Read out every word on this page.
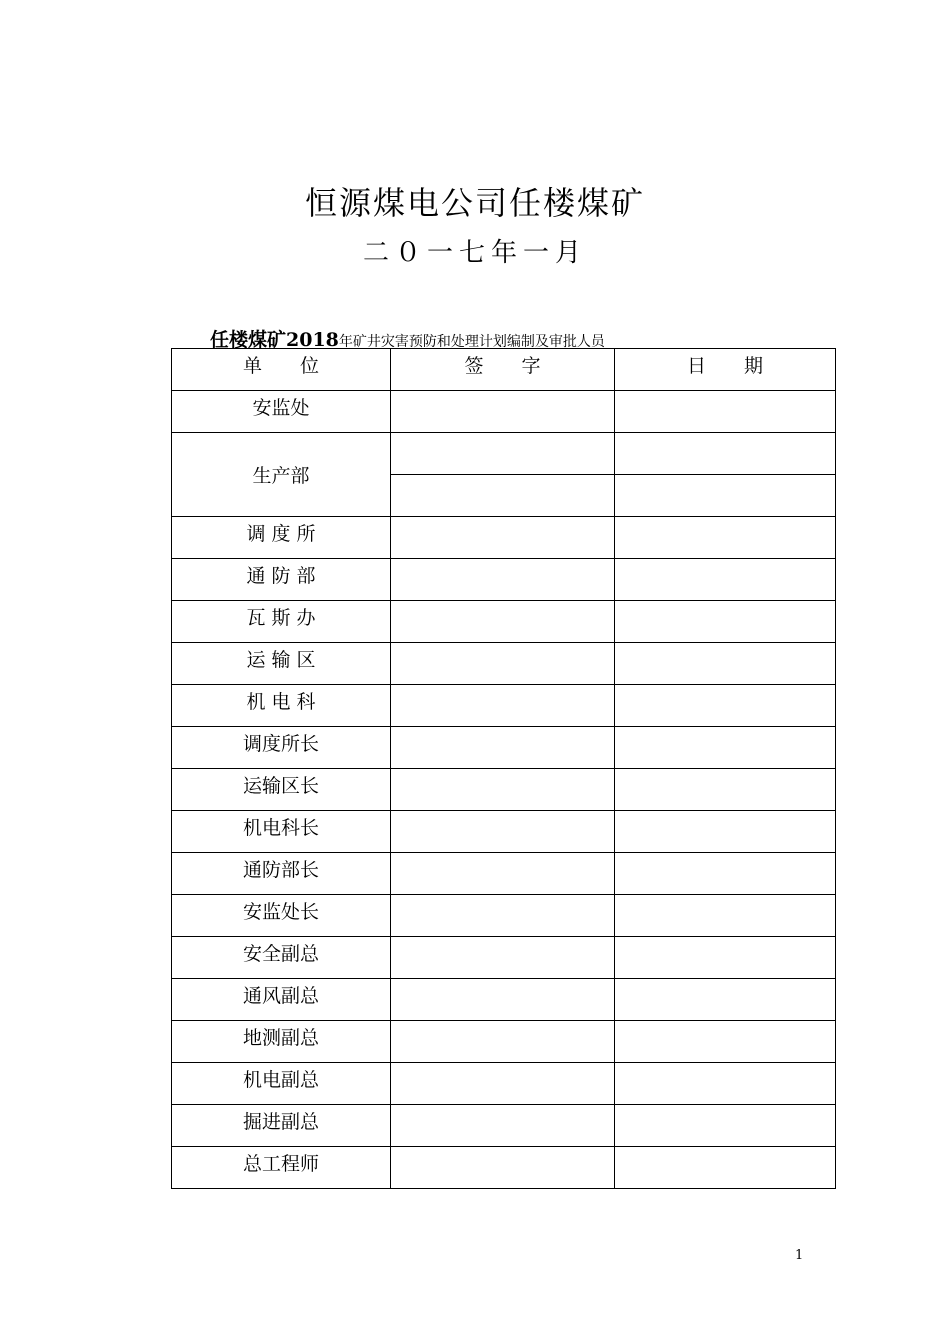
恒源煤电公司任楼煤矿
二０一七年一月
任楼煤矿2018年矿井灾害预防和处理计划编制及审批人员
单　　位	签　　字	日　　期
安监处		
生产部		

调 度 所		
通 防 部		
瓦 斯 办		
运 输 区		
机 电 科		
调度所长		
运输区长		
机电科长		
通防部长		
安监处长		
安全副总		
通风副总		
地测副总		
机电副总		
掘进副总		
总工程师		
1
